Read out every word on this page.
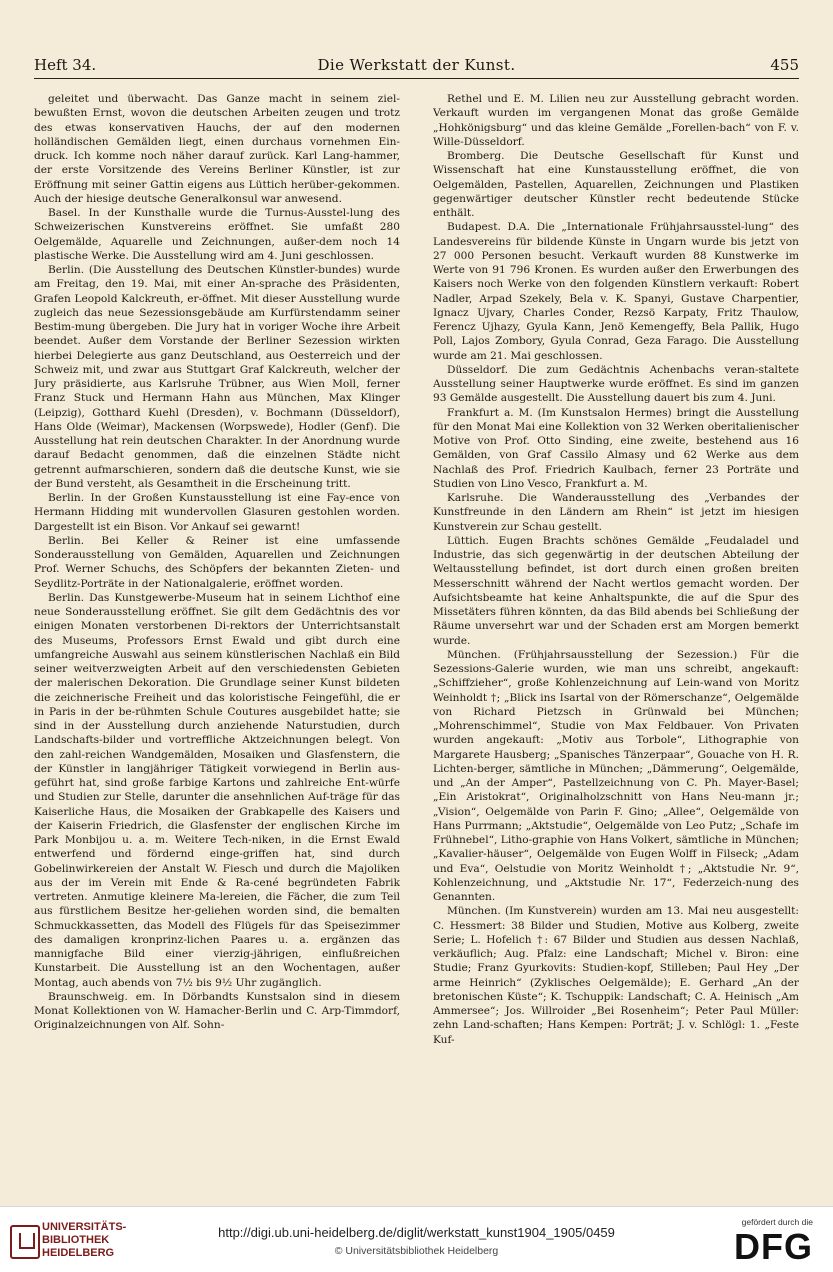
Heft 34.	Die Werkstatt der Kunst.	455

geleitet und überwacht. Das Ganze macht in seinem ziel-bewußten Ernst, wovon die deutschen Arbeiten zeugen und trotz des etwas konservativen Hauchs, der auf den modernen holländischen Gemälden liegt, einen durchaus vornehmen Ein-druck. Ich komme noch näher darauf zurück. Karl Lang-hammer, der erste Vorsitzende des Vereins Berliner Künstler, ist zur Eröffnung mit seiner Gattin eigens aus Lüttich herüber-gekommen. Auch der hiesige deutsche Generalkonsul war anwesend.

Basel. In der Kunsthalle wurde die Turnus-Ausstel-lung des Schweizerischen Kunstvereins eröffnet. Sie umfaßt 280 Oelgemälde, Aquarelle und Zeichnungen, außer-dem noch 14 plastische Werke. Die Ausstellung wird am 4. Juni geschlossen.

Berlin. (Die Ausstellung des Deutschen Künstler-bundes) wurde am Freitag, den 19. Mai, mit einer An-sprache des Präsidenten, Grafen Leopold Kalckreuth, er-öffnet. Mit dieser Ausstellung wurde zugleich das neue Sezessionsgebäude am Kurfürstendamm seiner Bestim-mung übergeben. Die Jury hat in voriger Woche ihre Arbeit beendet. Außer dem Vorstande der Berliner Sezession wirkten hierbei Delegierte aus ganz Deutschland, aus Oesterreich und der Schweiz mit, und zwar aus Stuttgart Graf Kalckreuth, welcher der Jury präsidierte, aus Karlsruhe Trübner, aus Wien Moll, ferner Franz Stuck und Hermann Hahn aus München, Max Klinger (Leipzig), Gotthard Kuehl (Dresden), v. Bochmann (Düsseldorf), Hans Olde (Weimar), Mackensen (Worpswede), Hodler (Genf). Die Ausstellung hat rein deutschen Charakter. In der Anordnung wurde darauf Bedacht genommen, daß die einzelnen Städte nicht getrennt aufmarschieren, sondern daß die deutsche Kunst, wie sie der Bund versteht, als Gesamtheit in die Erscheinung tritt.

Berlin. In der Großen Kunstausstellung ist eine Fay-ence von Hermann Hidding mit wundervollen Glasuren gestohlen worden. Dargestellt ist ein Bison. Vor Ankauf sei gewarnt!

Berlin. Bei Keller & Reiner ist eine umfassende Sonderausstellung von Gemälden, Aquarellen und Zeichnungen Prof. Werner Schuchs, des Schöpfers der bekannten Zieten- und Seydlitz-Porträte in der Nationalgalerie, eröffnet worden.

Berlin. Das Kunstgewerbe-Museum hat in seinem Lichthof eine neue Sonderausstellung eröffnet. Sie gilt dem Gedächtnis des vor einigen Monaten verstorbenen Di-rektors der Unterrichtsanstalt des Museums, Professors Ernst Ewald und gibt durch eine umfangreiche Auswahl aus seinem künstlerischen Nachlaß ein Bild seiner weitverzweigten Arbeit auf den verschiedensten Gebieten der malerischen Dekoration. Die Grundlage seiner Kunst bildeten die zeichnerische Freiheit und das koloristische Feingefühl, die er in Paris in der be-rühmten Schule Coutures ausgebildet hatte; sie sind in der Ausstellung durch anziehende Naturstudien, durch Landschafts-bilder und vortreffliche Aktzeichnungen belegt. Von den zahl-reichen Wandgemälden, Mosaiken und Glasfenstern, die der Künstler in langjähriger Tätigkeit vorwiegend in Berlin aus-geführt hat, sind große farbige Kartons und zahlreiche Ent-würfe und Studien zur Stelle, darunter die ansehnlichen Auf-träge für das Kaiserliche Haus, die Mosaiken der Grabkapelle des Kaisers und der Kaiserin Friedrich, die Glasfenster der englischen Kirche im Park Monbijou u. a. m. Weitere Tech-niken, in die Ernst Ewald entwerfend und fördernd einge-griffen hat, sind durch Gobelinwirkereien der Anstalt W. Fiesch und durch die Majoliken aus der im Verein mit Ende & Ra-cené begründeten Fabrik vertreten. Anmutige kleinere Ma-lereien, die Fächer, die zum Teil aus fürstlichem Besitze her-geliehen worden sind, die bemalten Schmuckkassetten, das Modell des Flügels für das Speisezimmer des damaligen kronprinz-lichen Paares u. a. ergänzen das mannigfache Bild einer vierzig-jährigen, einflußreichen Kunstarbeit. Die Ausstellung ist an den Wochentagen, außer Montag, auch abends von 7½ bis 9½ Uhr zugänglich.

Braunschweig. em. In Dörbandts Kunstsalon sind in diesem Monat Kollektionen von W. Hamacher-Berlin und C. Arp-Timmdorf, Originalzeichnungen von Alf. Sohn-

Rethel und E. M. Lilien neu zur Ausstellung gebracht worden. Verkauft wurden im vergangenen Monat das große Gemälde „Hohkönigsburg“ und das kleine Gemälde „Forellen-bach“ von F. v. Wille-Düsseldorf.

Bromberg. Die Deutsche Gesellschaft für Kunst und Wissenschaft hat eine Kunstausstellung eröffnet, die von Oelgemälden, Pastellen, Aquarellen, Zeichnungen und Plastiken gegenwärtiger deutscher Künstler recht bedeutende Stücke enthält.

Budapest. D.A. Die „Internationale Frühjahrsausstel-lung“ des Landesvereins für bildende Künste in Ungarn wurde bis jetzt von 27 000 Personen besucht. Verkauft wurden 88 Kunstwerke im Werte von 91 796 Kronen. Es wurden außer den Erwerbungen des Kaisers noch Werke von den folgenden Künstlern verkauft: Robert Nadler, Arpad Szekely, Bela v. K. Spanyi, Gustave Charpentier, Ignacz Ujvary, Charles Conder, Rezsö Karpaty, Fritz Thaulow, Ferencz Ujhazy, Gyula Kann, Jenö Kemengeffy, Bela Pallik, Hugo Poll, Lajos Zombory, Gyula Conrad, Geza Farago. Die Ausstellung wurde am 21. Mai geschlossen.

Düsseldorf. Die zum Gedächtnis Achenbachs veran-staltete Ausstellung seiner Hauptwerke wurde eröffnet. Es sind im ganzen 93 Gemälde ausgestellt. Die Ausstellung dauert bis zum 4. Juni.

Frankfurt a. M. (Im Kunstsalon Hermes) bringt die Ausstellung für den Monat Mai eine Kollektion von 32 Werken oberitalienischer Motive von Prof. Otto Sinding, eine zweite, bestehend aus 16 Gemälden, von Graf Cassilo Almasy und 62 Werke aus dem Nachlaß des Prof. Friedrich Kaulbach, ferner 23 Porträte und Studien von Lino Vesco, Frankfurt a. M.

Karlsruhe. Die Wanderausstellung des „Verbandes der Kunstfreunde in den Ländern am Rhein“ ist jetzt im hiesigen Kunstverein zur Schau gestellt.

Lüttich. Eugen Brachts schönes Gemälde „Feudaladel und Industrie, das sich gegenwärtig in der deutschen Abteilung der Weltausstellung befindet, ist dort durch einen großen breiten Messerschnitt während der Nacht wertlos gemacht worden. Der Aufsichtsbeamte hat keine Anhaltspunkte, die auf die Spur des Missetäters führen könnten, da das Bild abends bei Schließung der Räume unversehrt war und der Schaden erst am Morgen bemerkt wurde.

München. (Frühjahrsausstellung der Sezession.) Für die Sezessions-Galerie wurden, wie man uns schreibt, angekauft: „Schiffzieher“, große Kohlenzeichnung auf Lein-wand von Moritz Weinholdt †; „Blick ins Isartal von der Römerschanze“, Oelgemälde von Richard Pietzsch in Grünwald bei München; „Mohrenschimmel“, Studie von Max Feldbauer. Von Privaten wurden angekauft: „Motiv aus Torbole“, Lithographie von Margarete Hausberg; „Spanisches Tänzerpaar“, Gouache von H. R. Lichten-berger, sämtliche in München; „Dämmerung“, Oelgemälde, und „An der Amper“, Pastellzeichnung von C. Ph. Mayer-Basel; „Ein Aristokrat“, Originalholzschnitt von Hans Neu-mann jr.; „Vision“, Oelgemälde von Parin F. Gino; „Allee“, Oelgemälde von Hans Purrmann; „Aktstudie“, Oelgemälde von Leo Putz; „Schafe im Frühnebel“, Litho-graphie von Hans Volkert, sämtliche in München; „Kavalier-häuser“, Oelgemälde von Eugen Wolff in Filseck; „Adam und Eva“, Oelstudie von Moritz Weinholdt †; „Aktstudie Nr. 9“, Kohlenzeichnung, und „Aktstudie Nr. 17“, Federzeich-nung des Genannten.

München. (Im Kunstverein) wurden am 13. Mai neu ausgestellt: C. Hessmert: 38 Bilder und Studien, Motive aus Kolberg, zweite Serie; L. Hofelich †: 67 Bilder und Studien aus dessen Nachlaß, verkäuflich; Aug. Pfalz: eine Landschaft; Michel v. Biron: eine Studie; Franz Gyurkovits: Studien-kopf, Stilleben; Paul Hey „Der arme Heinrich“ (Zyklisches Oelgemälde); E. Gerhard „An der bretonischen Küste“; K. Tschuppik: Landschaft; C. A. Heinisch „Am Ammersee“; Jos. Willroider „Bei Rosenheim“; Peter Paul Müller: zehn Land-schaften; Hans Kempen: Porträt; J. v. Schlögl: 1. „Feste Kuf-

UNIVERSITÄTS-
BIBLIOTHEK
HEIDELBERG
http://digi.ub.uni-heidelberg.de/diglit/werkstatt_kunst1904_1905/0459
© Universitätsbibliothek Heidelberg
gefördert durch die
DFG
